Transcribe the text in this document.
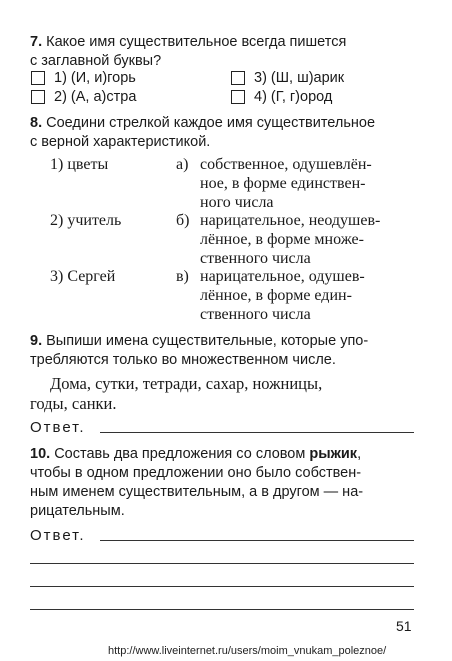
7. Какое имя существительное всегда пишется
с заглавной буквы?
1) (И, и)горь	3) (Ш, ш)арик
2) (А, а)стра	4) (Г, г)ород
8. Соедини стрелкой каждое имя существительное
с верной характеристикой.
1) цветы
2) учитель
3) Сергей
а) собственное, одушевлён-
ное, в форме единствен-
ного числа
б) нарицательное, неодушев-
лённое, в форме множе-
ственного числа
в) нарицательное, одушев-
лённое, в форме един-
ственного числа
9. Выпиши имена существительные, которые упо-
требляются только во множественном числе.
Дома, сутки, тетради, сахар, ножницы,
годы, санки.
Ответ.
10. Составь два предложения со словом рыжик,
чтобы в одном предложении оно было собствен-
ным именем существительным, а в другом — на-
рицательным.
Ответ.
51
http://www.liveinternet.ru/users/moim_vnukam_poleznoe/
